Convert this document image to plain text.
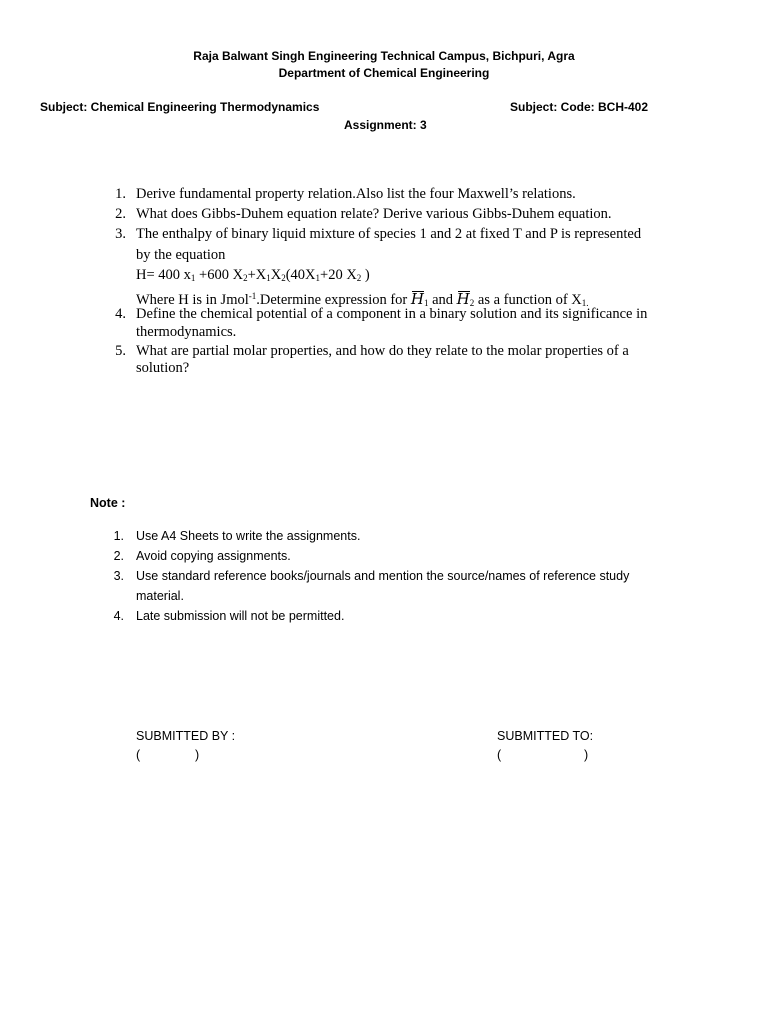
Raja Balwant Singh Engineering Technical Campus, Bichpuri, Agra
Department of Chemical Engineering
Subject: Chemical Engineering Thermodynamics	Subject: Code: BCH-402
Assignment: 3
1. Derive fundamental property relation.Also list the four Maxwell’s relations.
2. What does Gibbs-Duhem equation relate? Derive various Gibbs-Duhem equation.
3. The enthalpy of binary liquid mixture of species 1 and 2 at fixed T and P is represented
by the equation
H= 400 $x_1 +600$ $X_2+X_1X_2(40X_1+20$ $X_2$ )
Where H is in Jmol$^{-1}$.Determine expression for $H_1$ and $H_2$ as a function of $X_{1.}$
4. Define the chemical potential of a component in a binary solution and its significance in
thermodynamics.
5. What are partial molar properties, and how do they relate to the molar properties of a
solution?
Note :
1. Use A4 Sheets to write the assignments.
2. Avoid copying assignments.
3. Use standard reference books/journals and mention the source/names of reference study
material.
4. Late submission will not be permitted.
SUBMITTED BY :	SUBMITTED TO:
(	)	(	)
